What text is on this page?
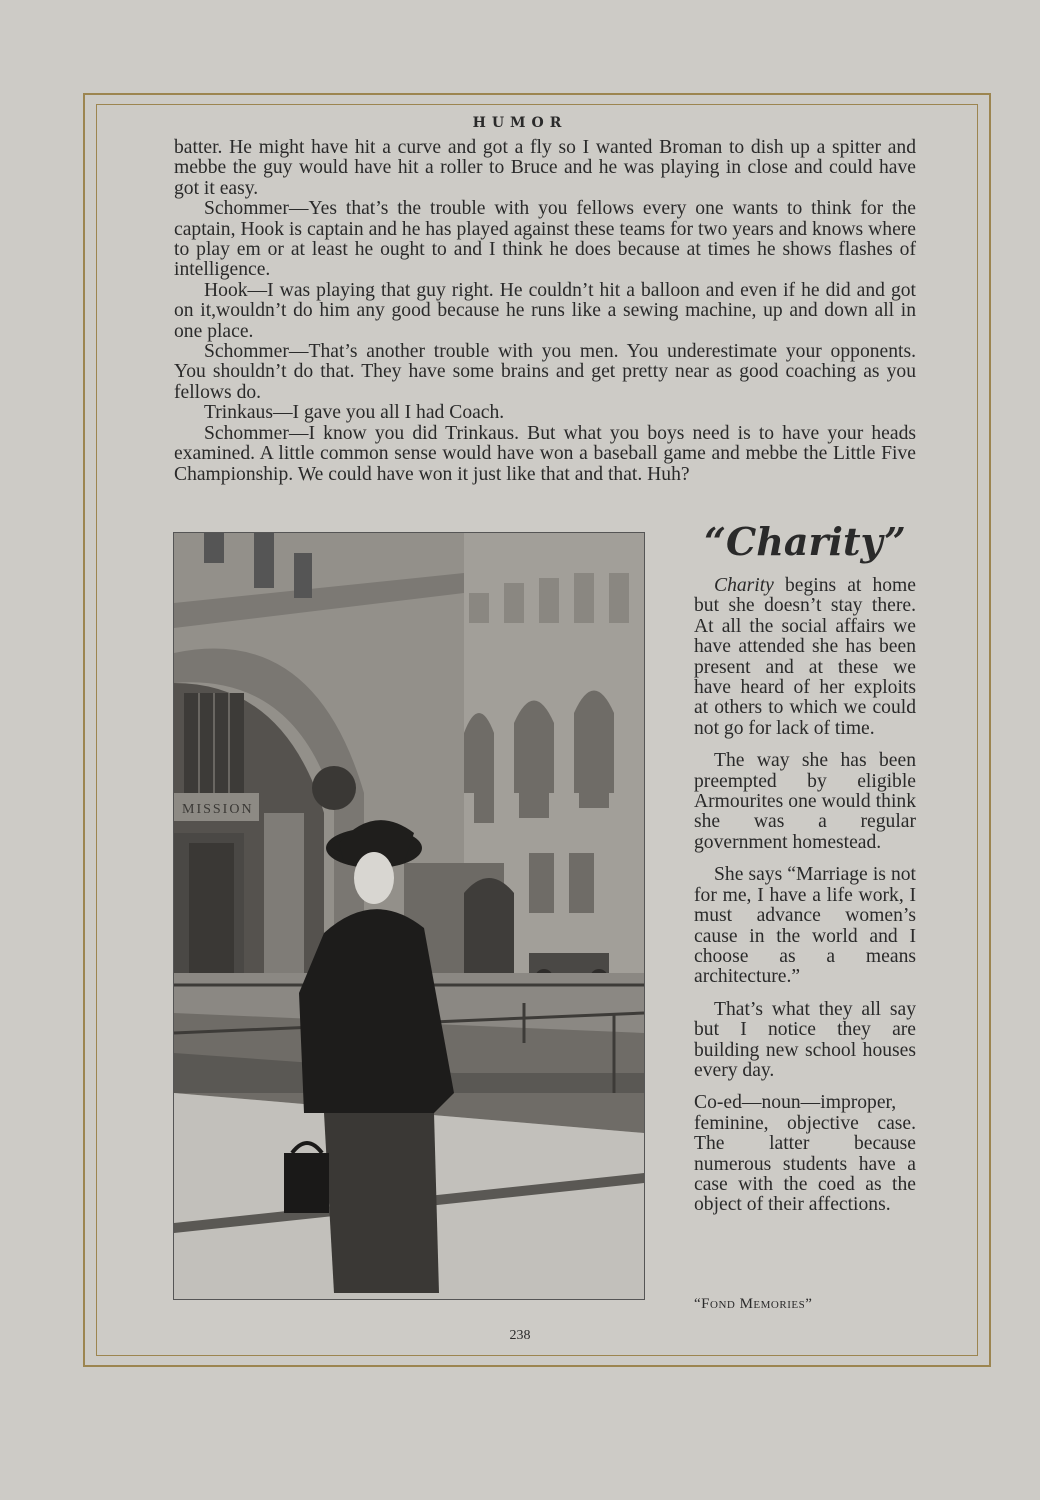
HUMOR

batter. He might have hit a curve and got a fly so I wanted Broman to dish up a spitter and mebbe the guy would have hit a roller to Bruce and he was playing in close and could have got it easy.

Schommer—Yes that’s the trouble with you fellows every one wants to think for the captain, Hook is captain and he has played against these teams for two years and knows where to play em or at least he ought to and I think he does because at times he shows flashes of intelligence.

Hook—I was playing that guy right. He couldn’t hit a balloon and even if he did and got on it,wouldn’t do him any good because he runs like a sewing machine, up and down all in one place.

Schommer—That’s another trouble with you men. You underestimate your opponents. You shouldn’t do that. They have some brains and get pretty near as good coaching as you fellows do.

Trinkaus—I gave you all I had Coach.

Schommer—I know you did Trinkaus. But what you boys need is to have your heads examined. A little common sense would have won a baseball game and mebbe the Little Five Championship. We could have won it just like that and that. Huh?

MISSION
“Charity”

Charity begins at home but she doesn’t stay there. At all the social affairs we have attended she has been present and at these we have heard of her exploits at others to which we could not go for lack of time.

The way she has been preempted by eligible Armourites one would think she was a regular government homestead.

She says “Marriage is not for me, I have a life work, I must advance women’s cause in the world and I choose as a means architecture.”

That’s what they all say but I notice they are building new school houses every day.

Co-ed—noun—improper, feminine, objective case. The latter because numerous students have a case with the coed as the object of their affections.

“Fond Memories”
238
